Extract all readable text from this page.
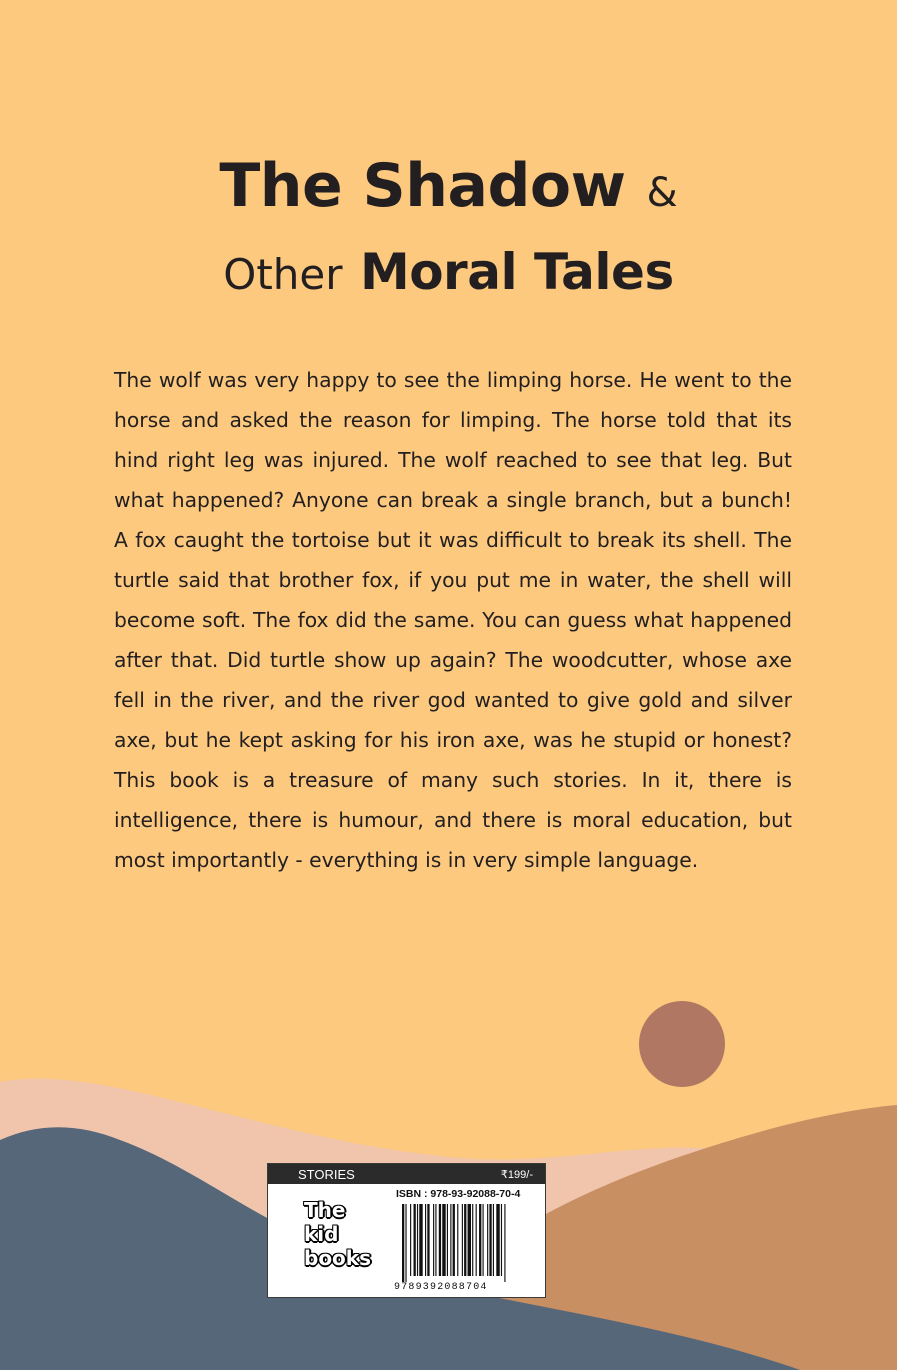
The Shadow &
Other Moral Tales

The wolf was very happy to see the limping horse. He went to the horse and asked the reason for limping. The horse told that its hind right leg was injured. The wolf reached to see that leg. But what happened? Anyone can break a single branch, but a bunch! A fox caught the tortoise but it was difficult to break its shell. The turtle said that brother fox, if you put me in water, the shell will become soft. The fox did the same. You can guess what happened after that. Did turtle show up again? The woodcutter, whose axe fell in the river, and the river god wanted to give gold and silver axe, but he kept asking for his iron axe, was he stupid or honest? This book is a treasure of many such stories. In it, there is intelligence, there is humour, and there is moral education, but most importantly - everything is in very simple language.

STORIES	₹199/-
The
kid
books
ISBN : 978-93-92088-70-4
9789392088704
